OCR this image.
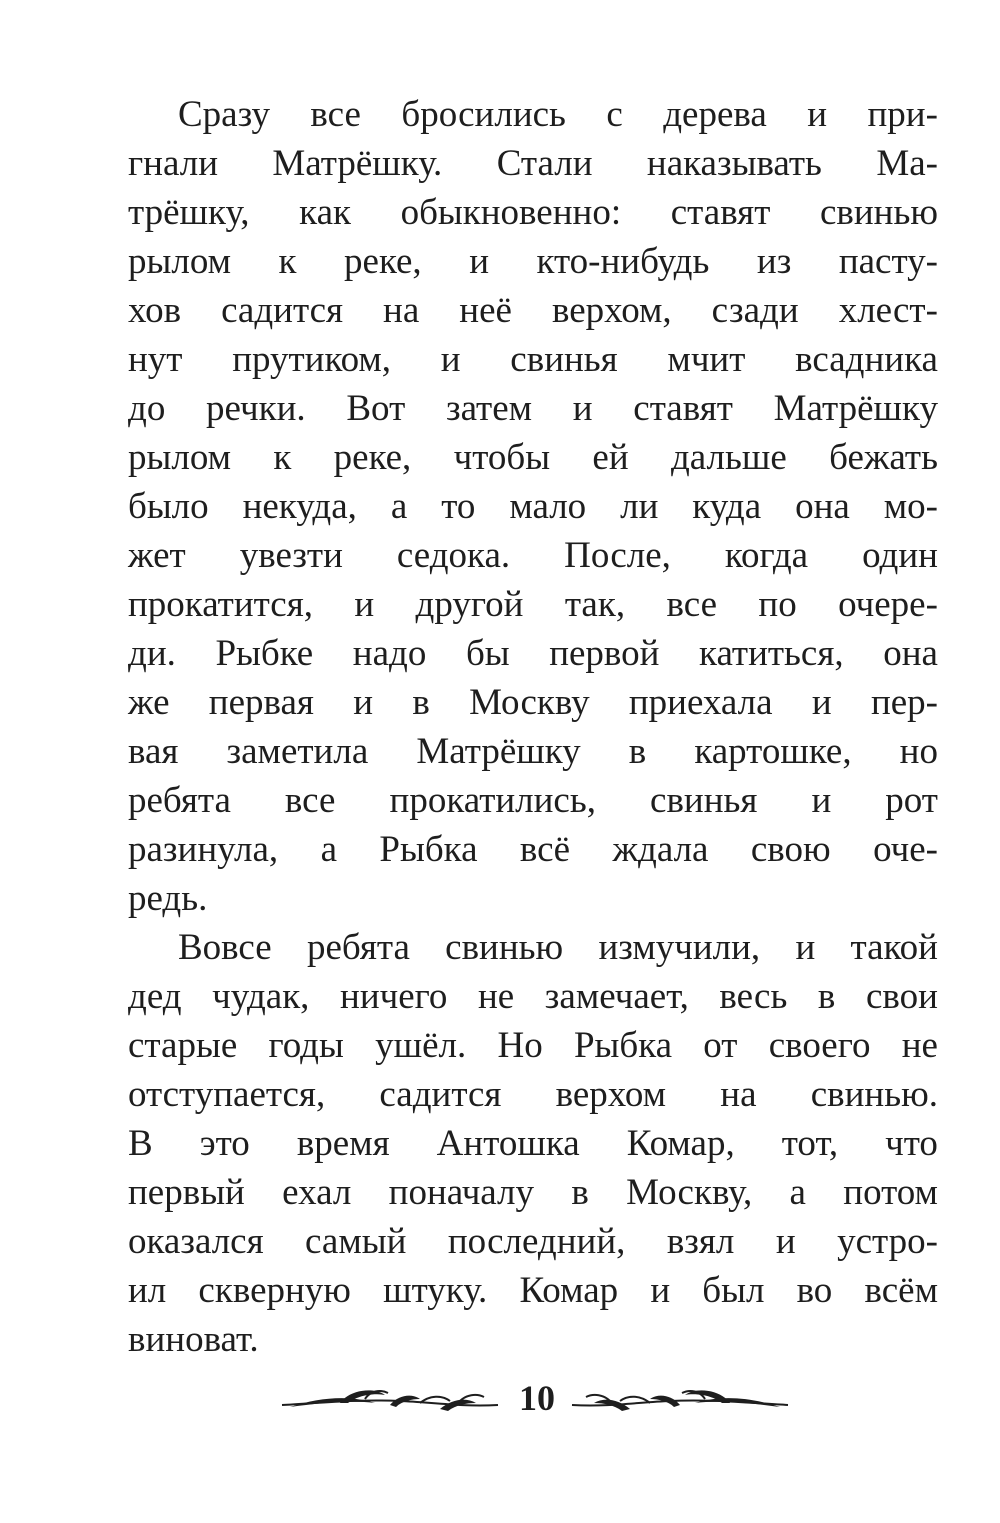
Сразу все бросились с дерева и при-
гнали Матрёшку. Стали наказывать Ма-
трёшку, как обыкновенно: ставят свинью
рылом к реке, и кто-нибудь из пасту-
хов садится на неё верхом, сзади хлест-
нут прутиком, и свинья мчит всадника
до речки. Вот затем и ставят Матрёшку
рылом к реке, чтобы ей дальше бежать
было некуда, а то мало ли куда она мо-
жет увезти седока. После, когда один
прокатится, и другой так, все по очере-
ди. Рыбке надо бы первой катиться, она
же первая и в Москву приехала и пер-
вая заметила Матрёшку в картошке, но
ребята все прокатились, свинья и рот
разинула, а Рыбка всё ждала свою оче-
редь.
Вовсе ребята свинью измучили, и такой
дед чудак, ничего не замечает, весь в свои
старые годы ушёл. Но Рыбка от своего не
отступается, садится верхом на свинью.
В это время Антошка Комар, тот, что
первый ехал поначалу в Москву, а потом
оказался самый последний, взял и устро-
ил скверную штуку. Комар и был во всём
виноват.
10
